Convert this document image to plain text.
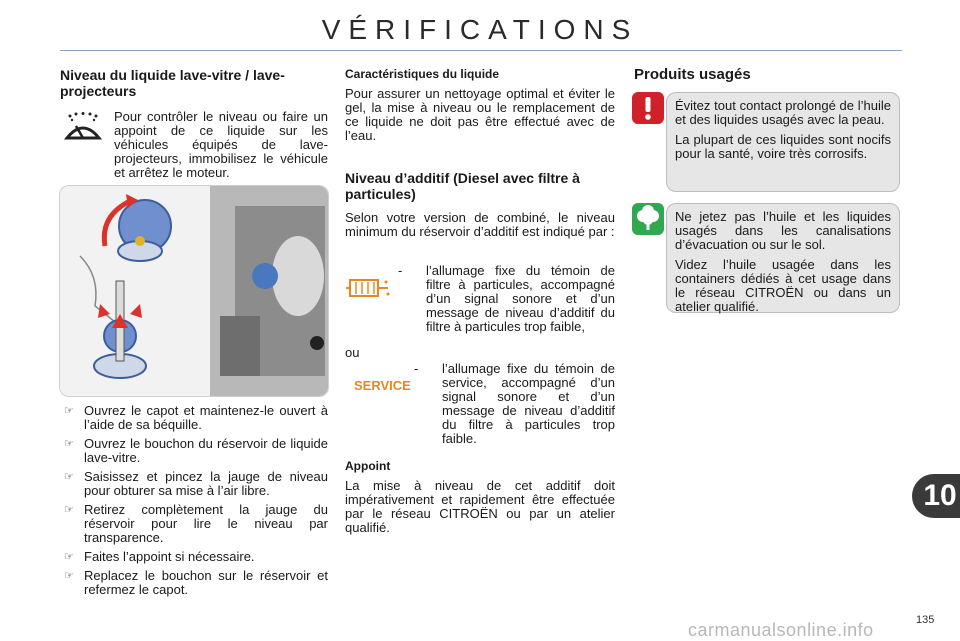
VÉRIFICATIONS
Niveau du liquide lave-vitre / lave-projecteurs

Pour contrôler le niveau ou faire un appoint de ce liquide sur les véhicules équipés de lave-projecteurs, immobilisez le véhicule et arrêtez le moteur.

☞ Ouvrez le capot et maintenez-le ouvert à l’aide de sa béquille.
☞ Ouvrez le bouchon du réservoir de liquide lave-vitre.
☞ Saisissez et pincez la jauge de niveau pour obturer sa mise à l’air libre.
☞ Retirez complètement la jauge du réservoir pour lire le niveau par transparence.
☞ Faites l’appoint si nécessaire.
☞ Replacez le bouchon sur le réservoir et refermez le capot.
Caractéristiques du liquide

Pour assurer un nettoyage optimal et éviter le gel, la mise à niveau ou le remplacement de ce liquide ne doit pas être effectué avec de l’eau.

Niveau d’additif (Diesel avec filtre à particules)

Selon votre version de combiné, le niveau minimum du réservoir d’additif est indiqué par :

- l’allumage fixe du témoin de filtre à particules, accompagné d’un signal sonore et d’un message de niveau d’additif du filtre à particules trop faible,
ou
SERVICE
- l’allumage fixe du témoin de service, accompagné d’un signal sonore et d’un message de niveau d’additif du filtre à particules trop faible.
Appoint

La mise à niveau de cet additif doit impérativement et rapidement être effectuée par le réseau CITROËN ou par un atelier qualifié.

Produits usagés

Évitez tout contact prolongé de l’huile et des liquides usagés avec la peau.

La plupart de ces liquides sont nocifs pour la santé, voire très corrosifs.

Ne jetez pas l’huile et les liquides usagés dans les canalisations d’évacuation ou sur le sol.

Videz l’huile usagée dans les containers dédiés à cet usage dans le réseau CITROËN ou dans un atelier qualifié.

10
135
carmanualsonline.info
